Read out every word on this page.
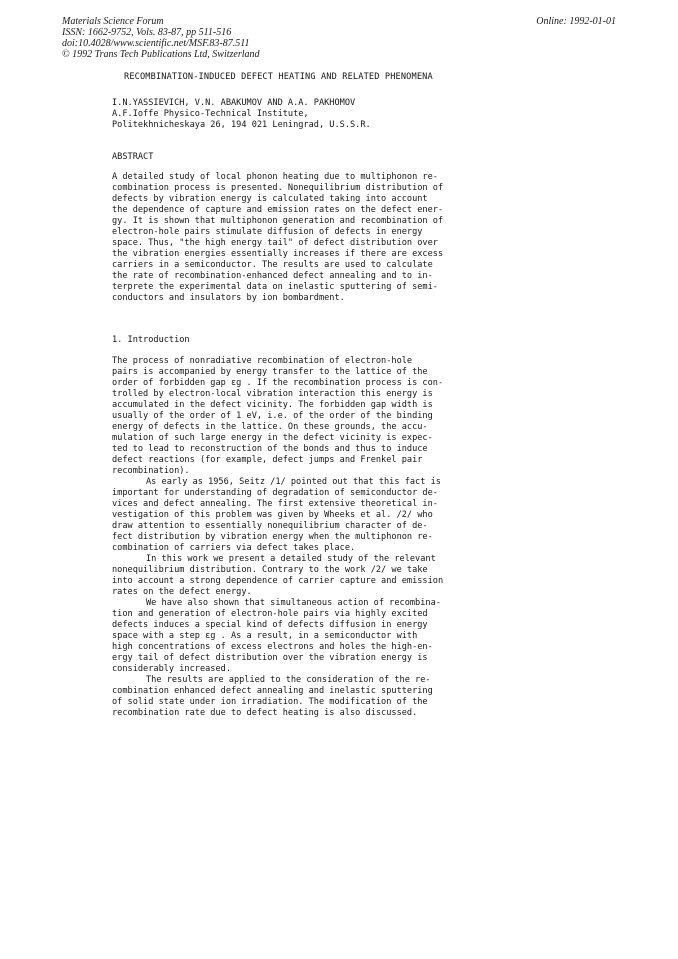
Materials Science Forum
ISSN: 1662-9752, Vols. 83-87, pp 511-516
doi:10.4028/www.scientific.net/MSF.83-87.511
© 1992 Trans Tech Publications Ltd, Switzerland
Online: 1992-01-01
RECOMBINATION-INDUCED DEFECT HEATING AND RELATED PHENOMENA
I.N.YASSIEVICH, V.N. ABAKUMOV AND A.A. PAKHOMOV
A.F.Ioffe Physico-Technical Institute,
Politekhnicheskaya 26, 194 021 Leningrad, U.S.S.R.
ABSTRACT

A detailed study of local phonon heating due to multiphonon re-
combination process is presented. Nonequilibrium distribution of
defects by vibration energy is calculated taking into account
the dependence of capture and emission rates on the defect ener-
gy. It is shown that multiphonon generation and recombination of
electron-hole pairs stimulate diffusion of defects in energy
space. Thus, "the high energy tail" of defect distribution over
the vibration energies essentially increases if there are excess
carriers in a semiconductor. The results are used to calculate
the rate of recombination-enhanced defect annealing and to in-
terprete the experimental data on inelastic sputtering of semi-
conductors and insulators by ion bombardment.

1. Introduction

The process of nonradiative recombination of electron-hole
pairs is accompanied by energy transfer to the lattice of the
order of forbidden gap εg . If the recombination process is con-
trolled by electron-local vibration interaction this energy is
accumulated in the defect vicinity. The forbidden gap width is
usually of the order of 1 eV, i.e. of the order of the binding
energy of defects in the lattice. On these grounds, the accu-
mulation of such large energy in the defect vicinity is expec-
ted to lead to reconstruction of the bonds and thus to induce
defect reactions (for example, defect jumps and Frenkel pair
recombination).

As early as 1956, Seitz /1/ pointed out that this fact is
important for understanding of degradation of semiconductor de-
vices and defect annealing. The first extensive theoretical in-
vestigation of this problem was given by Wheeks et al. /2/ who
draw attention to essentially nonequilibrium character of de-
fect distribution by vibration energy when the multiphonon re-
combination of carriers via defect takes place.

In this work we present a detailed study of the relevant
nonequilibrium distribution. Contrary to the work /2/ we take
into account a strong dependence of carrier capture and emission
rates on the defect energy.

We have also shown that simultaneous action of recombina-
tion and generation of electron-hole pairs via highly excited
defects induces a special kind of defects diffusion in energy
space with a step εg . As a result, in a semiconductor with
high concentrations of excess electrons and holes the high-en-
ergy tail of defect distribution over the vibration energy is
considerably increased.

The results are applied to the consideration of the re-
combination enhanced defect annealing and inelastic sputtering
of solid state under ion irradiation. The modification of the
recombination rate due to defect heating is also discussed.
